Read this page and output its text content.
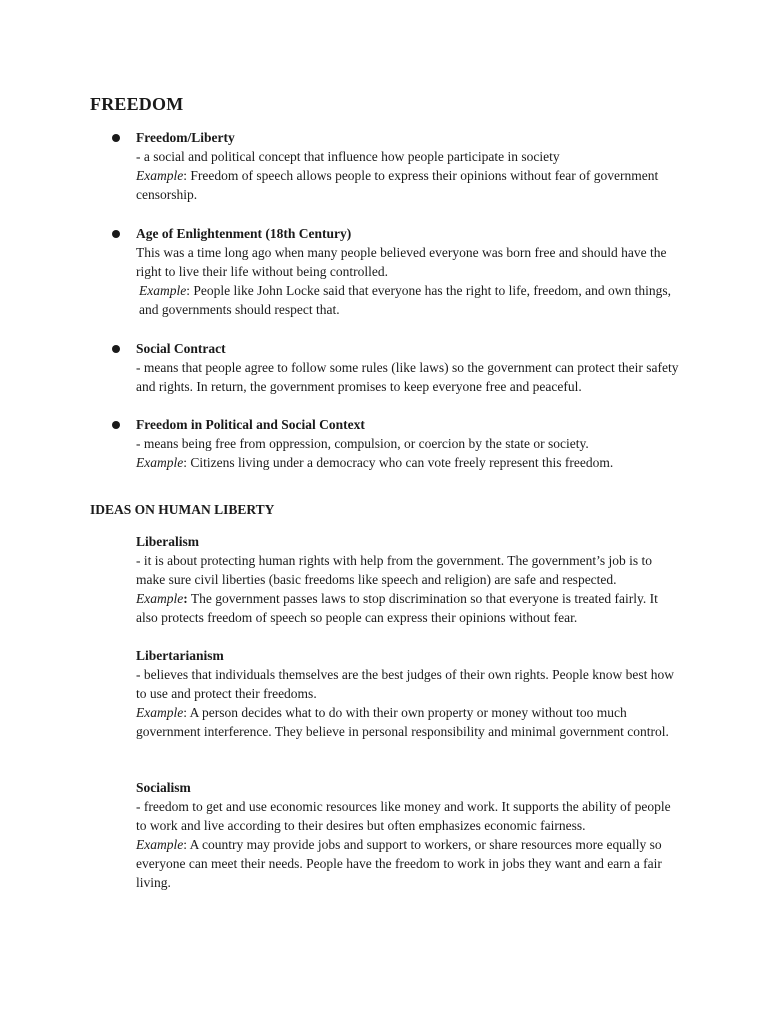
FREEDOM
Freedom/Liberty
- a social and political concept that influence how people participate in society
Example: Freedom of speech allows people to express their opinions without fear of government censorship.
Age of Enlightenment (18th Century)
This was a time long ago when many people believed everyone was born free and should have the right to live their life without being controlled.
Example: People like John Locke said that everyone has the right to life, freedom, and own things, and governments should respect that.
Social Contract
- means that people agree to follow some rules (like laws) so the government can protect their safety and rights. In return, the government promises to keep everyone free and peaceful.
Freedom in Political and Social Context
- means being free from oppression, compulsion, or coercion by the state or society.
Example: Citizens living under a democracy who can vote freely represent this freedom.
IDEAS ON HUMAN LIBERTY
Liberalism
- it is about protecting human rights with help from the government. The government’s job is to make sure civil liberties (basic freedoms like speech and religion) are safe and respected.
Example: The government passes laws to stop discrimination so that everyone is treated fairly. It also protects freedom of speech so people can express their opinions without fear.
Libertarianism
- believes that individuals themselves are the best judges of their own rights. People know best how to use and protect their freedoms.
Example: A person decides what to do with their own property or money without too much government interference. They believe in personal responsibility and minimal government control.
Socialism
- freedom to get and use economic resources like money and work. It supports the ability of people to work and live according to their desires but often emphasizes economic fairness.
Example: A country may provide jobs and support to workers, or share resources more equally so everyone can meet their needs. People have the freedom to work in jobs they want and earn a fair living.
